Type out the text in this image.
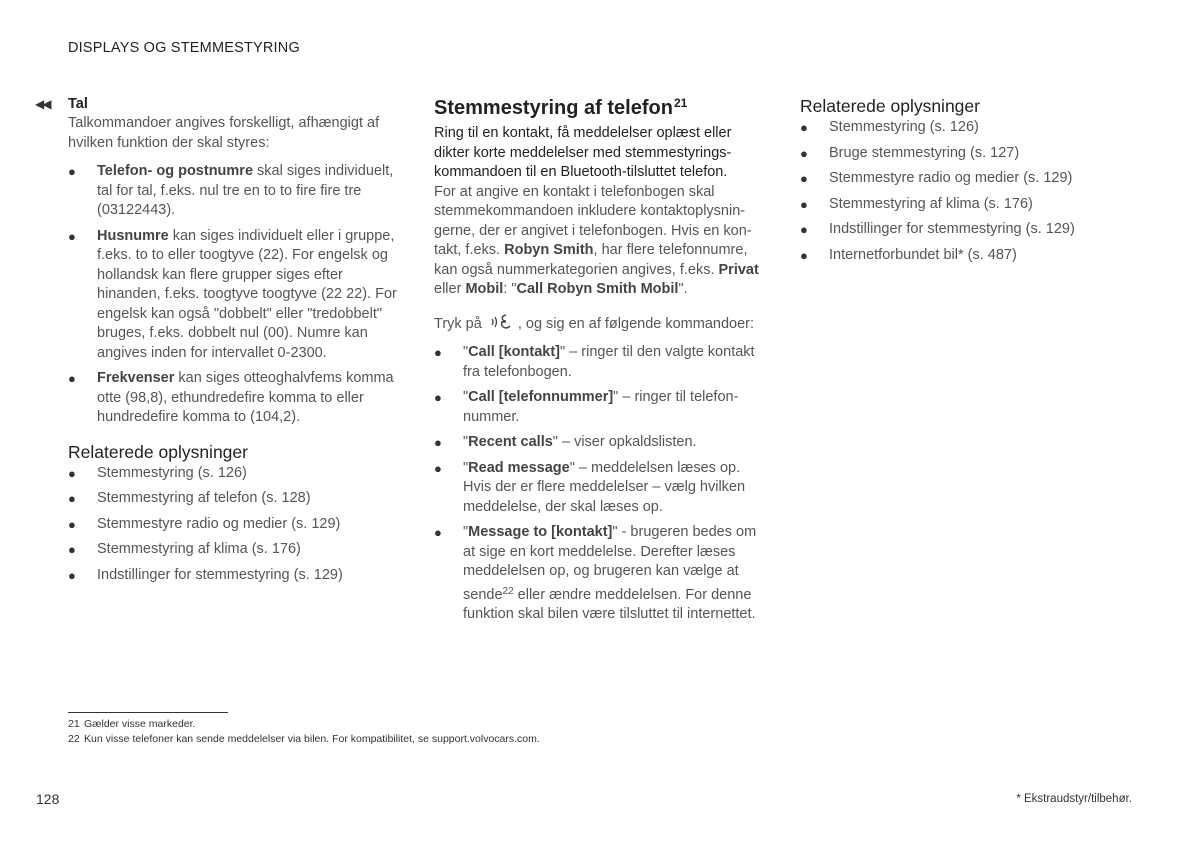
DISPLAYS OG STEMMESTYRING
◀◀ Tal

Talkommandoer angives forskelligt, afhængigt af hvilken funktion der skal styres:

●	Telefon- og postnumre skal siges individuelt, tal for tal, f.eks. nul tre en to to fire fire tre (03122443).
●	Husnumre kan siges individuelt eller i gruppe, f.eks. to to eller toogtyve (22). For engelsk og hollandsk kan flere grupper siges efter hinanden, f.eks. toogtyve toogtyve (22 22). For engelsk kan også "dobbelt" eller "tredobbelt" bruges, f.eks. dobbelt nul (00). Numre kan angives inden for intervallet 0-2300.
●	Frekvenser kan siges otteoghalvfems komma otte (98,8), ethundredefire komma to eller hundredefire komma to (104,2).
Relaterede oplysninger
●	Stemmestyring (s. 126)
●	Stemmestyring af telefon (s. 128)
●	Stemmestyre radio og medier (s. 129)
●	Stemmestyring af klima (s. 176)
●	Indstillinger for stemmestyring (s. 129)
Stemmestyring af telefon$^{21}$

Ring til en kontakt, få meddelelser oplæst eller dikter korte meddelelser med stemmestyringskommandoen til en Bluetooth-tilsluttet telefon.

For at angive en kontakt i telefonbogen skal stemmekommandoen inkludere kontaktoplysningerne, der er angivet i telefonbogen. Hvis en kontakt, f.eks. Robyn Smith, har flere telefonnumre, kan også nummerkategorien angives, f.eks. Privat eller Mobil: "Call Robyn Smith Mobil".

Tryk på , og sig en af følgende kommandoer:

●	"Call [kontakt]" – ringer til den valgte kontakt fra telefonbogen.
●	"Call [telefonnummer]" – ringer til telefonnummer.
●	"Recent calls" – viser opkaldslisten.
●	"Read message" – meddelelsen læses op. Hvis der er flere meddelelser – vælg hvilken meddelelse, der skal læses op.
●	"Message to [kontakt]" - brugeren bedes om at sige en kort meddelelse. Derefter læses meddelelsen op, og brugeren kan vælge at sende$^{22}$ eller ændre meddelelsen. For denne funktion skal bilen være tilsluttet til internettet.
Relaterede oplysninger
●	Stemmestyring (s. 126)
●	Bruge stemmestyring (s. 127)
●	Stemmestyre radio og medier (s. 129)
●	Stemmestyring af klima (s. 176)
●	Indstillinger for stemmestyring (s. 129)
●	Internetforbundet bil* (s. 487)
21 Gælder visse markeder.
22 Kun visse telefoner kan sende meddelelser via bilen. For kompatibilitet, se support.volvocars.com.
128	* Ekstraudstyr/tilbehør.
